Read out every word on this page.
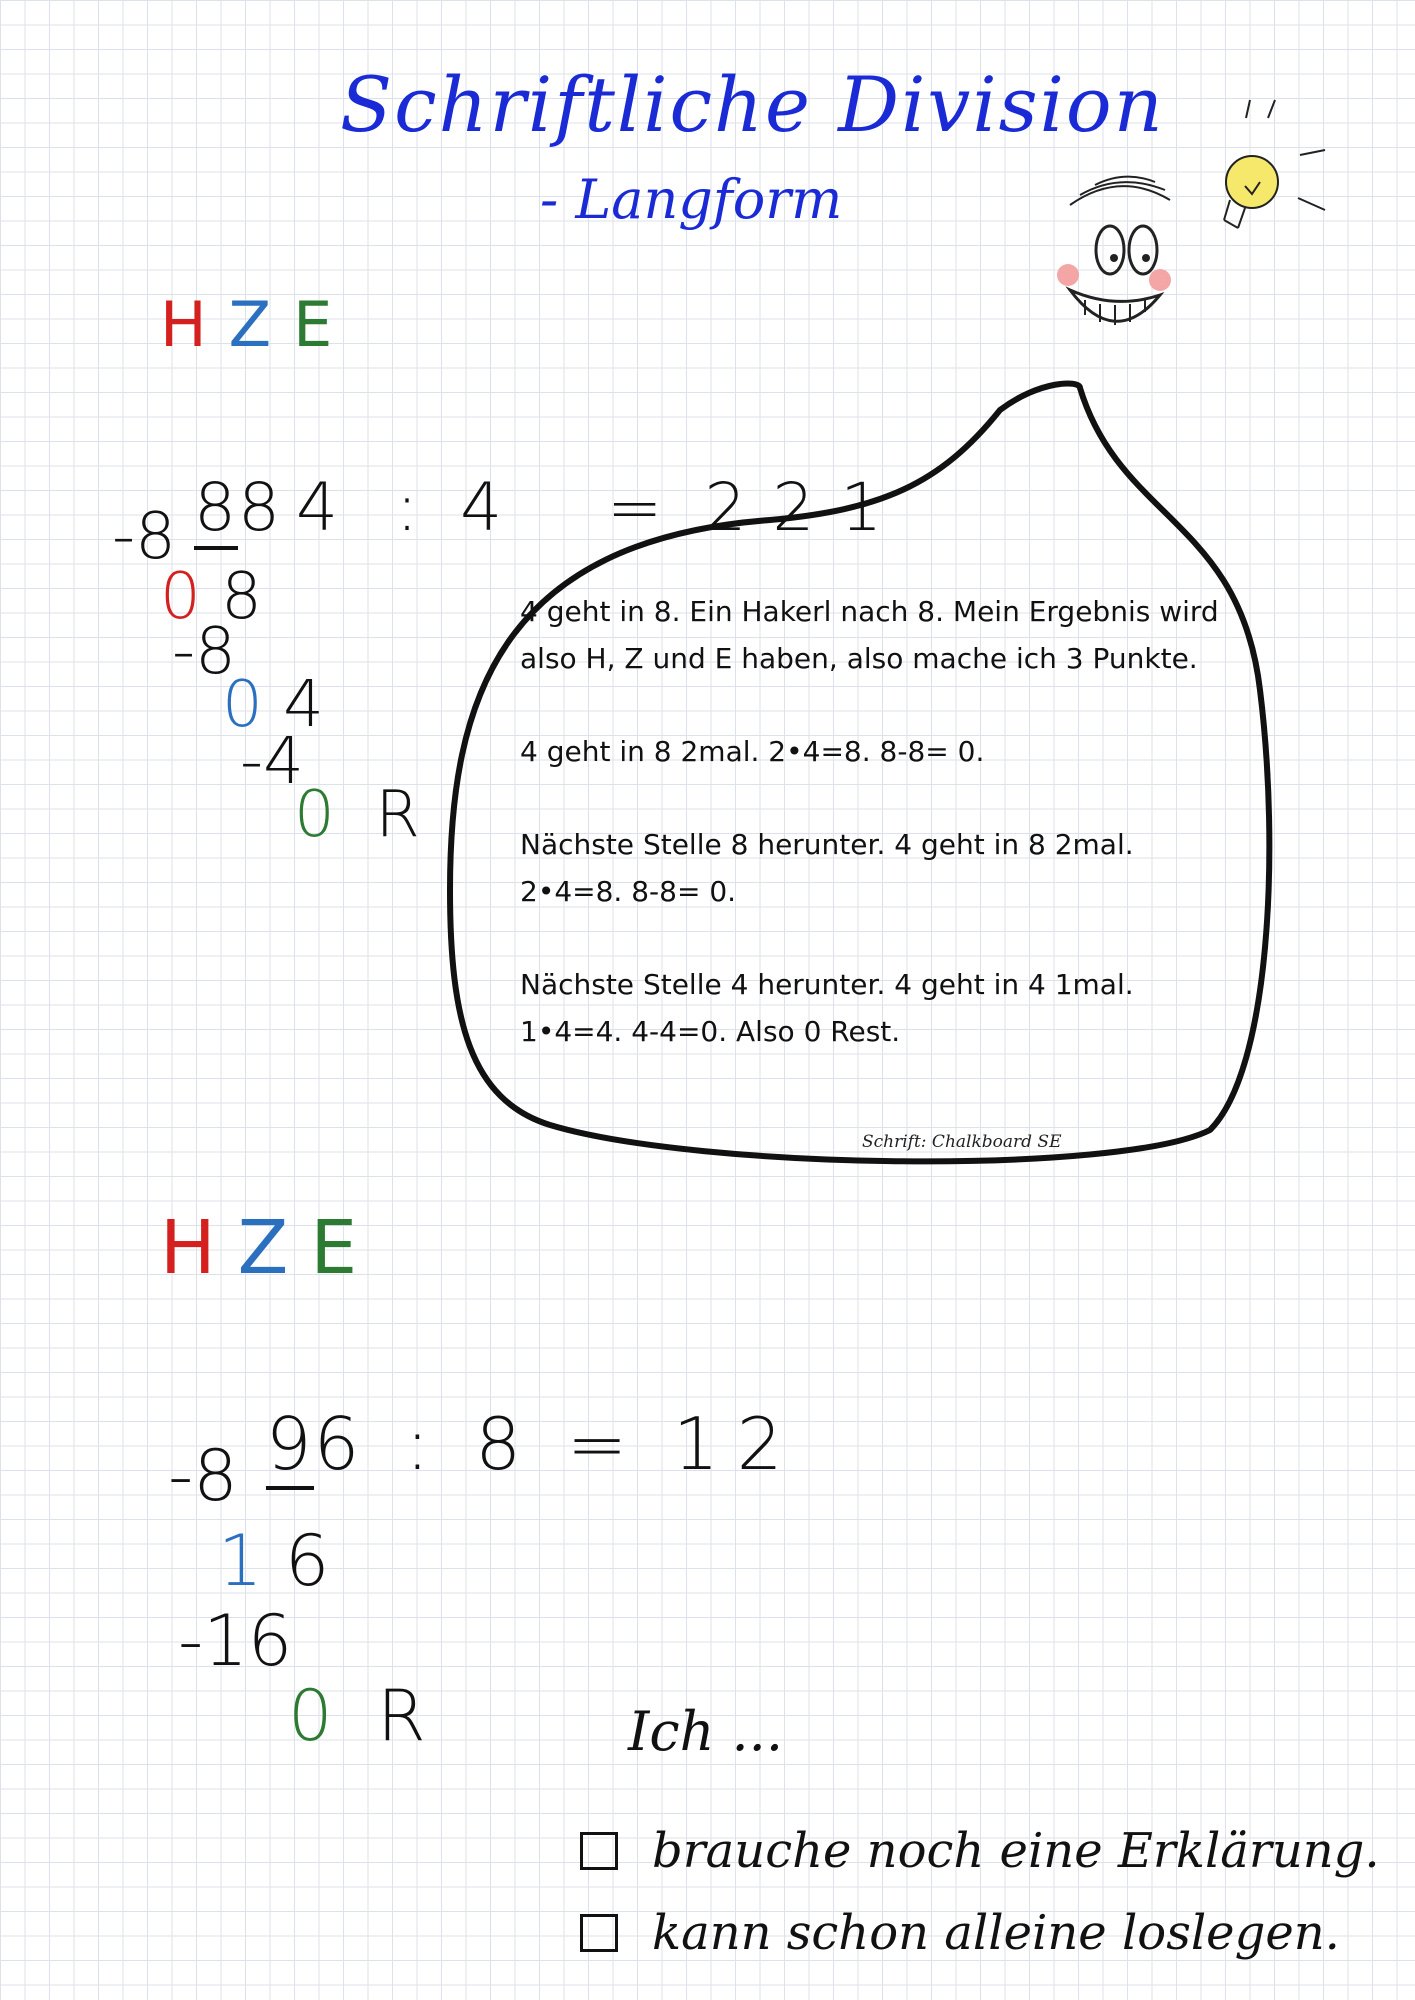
Schriftliche Division
- Langform
HZE

884 : 4 = 221

-8
0 8
-8
0 4
-4
0 R

4 geht in 8. Ein Hakerl nach 8. Mein Ergebnis wird also H, Z und E haben, also mache ich 3 Punkte.

4 geht in 8 2mal. 2•4=8. 8-8= 0.

Nächste Stelle 8 herunter. 4 geht in 8 2mal. 2•4=8. 8-8= 0.

Nächste Stelle 4 herunter. 4 geht in 4 1mal. 1•4=4. 4-4=0. Also 0 Rest.

Schrift: Chalkboard SE
HZE

96 : 8 = 12

-8
1 6
-16
0 R	Ich ...
brauche noch eine Erklärung.
kann schon alleine loslegen.
